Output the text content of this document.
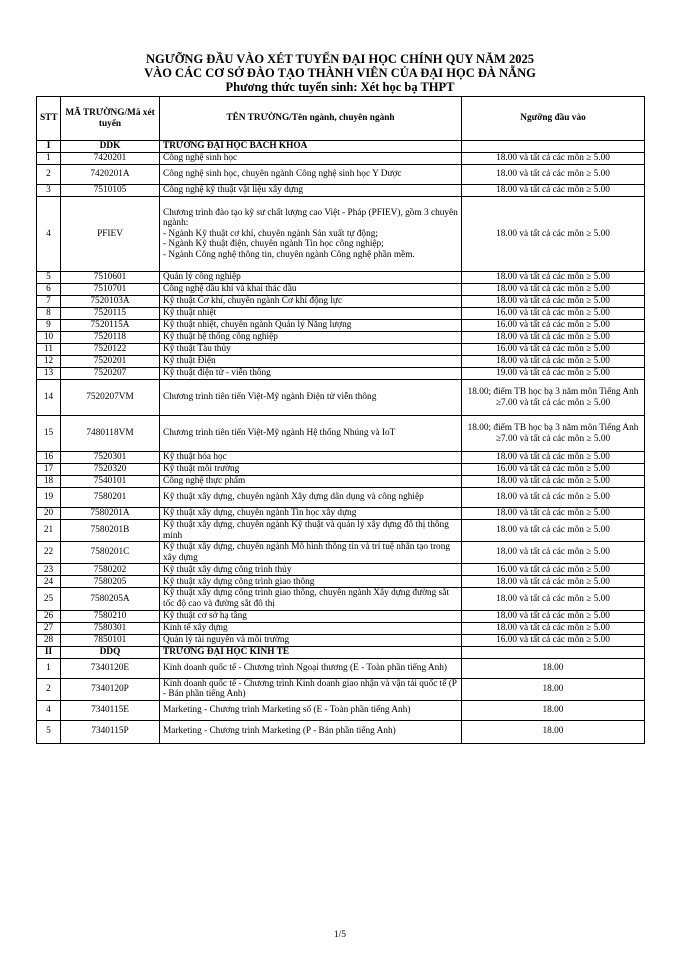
NGƯỠNG ĐẦU VÀO XÉT TUYỂN ĐẠI HỌC CHÍNH QUY NĂM 2025
VÀO CÁC CƠ SỞ ĐÀO TẠO THÀNH VIÊN CỦA ĐẠI HỌC ĐÀ NẴNG
Phương thức tuyển sinh: Xét học bạ THPT
STT	MÃ TRƯỜNG/Mã xét tuyển	TÊN TRƯỜNG/Tên ngành, chuyên ngành	Ngưỡng đầu vào
I	DDK	TRƯỜNG ĐẠI HỌC BÁCH KHOA	
1	7420201	Công nghệ sinh học	18.00 và tất cả các môn ≥ 5.00
2	7420201A	Công nghệ sinh học, chuyên ngành Công nghệ sinh học Y Dược	18.00 và tất cả các môn ≥ 5.00
3	7510105	Công nghệ kỹ thuật vật liệu xây dựng	18.00 và tất cả các môn ≥ 5.00
4	PFIEV	Chương trình đào tạo kỹ sư chất lượng cao Việt - Pháp (PFIEV), gồm 3 chuyên ngành:
- Ngành Kỹ thuật cơ khí, chuyên ngành Sản xuất tự động;
- Ngành Kỹ thuật điện, chuyên ngành Tin học công nghiệp;
- Ngành Công nghệ thông tin, chuyên ngành Công nghệ phần mềm.	18.00 và tất cả các môn ≥ 5.00
5	7510601	Quản lý công nghiệp	18.00 và tất cả các môn ≥ 5.00
6	7510701	Công nghệ dầu khí và khai thác dầu	18.00 và tất cả các môn ≥ 5.00
7	7520103A	Kỹ thuật Cơ khí, chuyên ngành Cơ khí động lực	18.00 và tất cả các môn ≥ 5.00
8	7520115	Kỹ thuật nhiệt	16.00 và tất cả các môn ≥ 5.00
9	7520115A	Kỹ thuật nhiệt, chuyên ngành Quản lý Năng lượng	16.00 và tất cả các môn ≥ 5.00
10	7520118	Kỹ thuật hệ thống công nghiệp	18.00 và tất cả các môn ≥ 5.00
11	7520122	Kỹ thuật Tàu thủy	16.00 và tất cả các môn ≥ 5.00
12	7520201	Kỹ thuật Điện	18.00 và tất cả các môn ≥ 5.00
13	7520207	Kỹ thuật điện tử - viễn thông	19.00 và tất cả các môn ≥ 5.00
14	7520207VM	Chương trình tiên tiến Việt-Mỹ ngành Điện tử viễn thông	18.00; điểm TB học bạ 3 năm môn Tiếng Anh ≥7.00 và tất cả các môn ≥ 5.00
15	7480118VM	Chương trình tiên tiến Việt-Mỹ ngành Hệ thống Nhúng và IoT	18.00; điểm TB học bạ 3 năm môn Tiếng Anh ≥7.00 và tất cả các môn ≥ 5.00
16	7520301	Kỹ thuật hóa học	18.00 và tất cả các môn ≥ 5.00
17	7520320	Kỹ thuật môi trường	16.00 và tất cả các môn ≥ 5.00
18	7540101	Công nghệ thực phẩm	18.00 và tất cả các môn ≥ 5.00
19	7580201	Kỹ thuật xây dựng, chuyên ngành Xây dựng dân dụng và công nghiệp	18.00 và tất cả các môn ≥ 5.00
20	7580201A	Kỹ thuật xây dựng, chuyên ngành Tin học xây dựng	18.00 và tất cả các môn ≥ 5.00
21	7580201B	Kỹ thuật xây dựng, chuyên ngành Kỹ thuật và quản lý xây dựng đô thị thông minh	18.00 và tất cả các môn ≥ 5.00
22	7580201C	Kỹ thuật xây dựng, chuyên ngành Mô hình thông tin và trí tuệ nhân tạo trong xây dựng	18.00 và tất cả các môn ≥ 5.00
23	7580202	Kỹ thuật xây dựng công trình thủy	16.00 và tất cả các môn ≥ 5.00
24	7580205	Kỹ thuật xây dựng công trình giao thông	18.00 và tất cả các môn ≥ 5.00
25	7580205A	Kỹ thuật xây dựng công trình giao thông, chuyên ngành Xây dựng đường sắt tốc độ cao và đường sắt đô thị	18.00 và tất cả các môn ≥ 5.00
26	7580210	Kỹ thuật cơ sở hạ tầng	18.00 và tất cả các môn ≥ 5.00
27	7580301	Kinh tế xây dựng	18.00 và tất cả các môn ≥ 5.00
28	7850101	Quản lý tài nguyên và môi trường	16.00 và tất cả các môn ≥ 5.00
II	DDQ	TRƯỜNG ĐẠI HỌC KINH TẾ	
1	7340120E	Kinh doanh quốc tế - Chương trình Ngoại thương (E - Toàn phần tiếng Anh)	18.00
2	7340120P	Kinh doanh quốc tế - Chương trình Kinh doanh giao nhận và vận tải quốc tế (P - Bán phần tiếng Anh)	18.00
4	7340115E	Marketing - Chương trình Marketing số (E - Toàn phần tiếng Anh)	18.00
5	7340115P	Marketing - Chương trình Marketing (P - Bán phần tiếng Anh)	18.00
1/5
